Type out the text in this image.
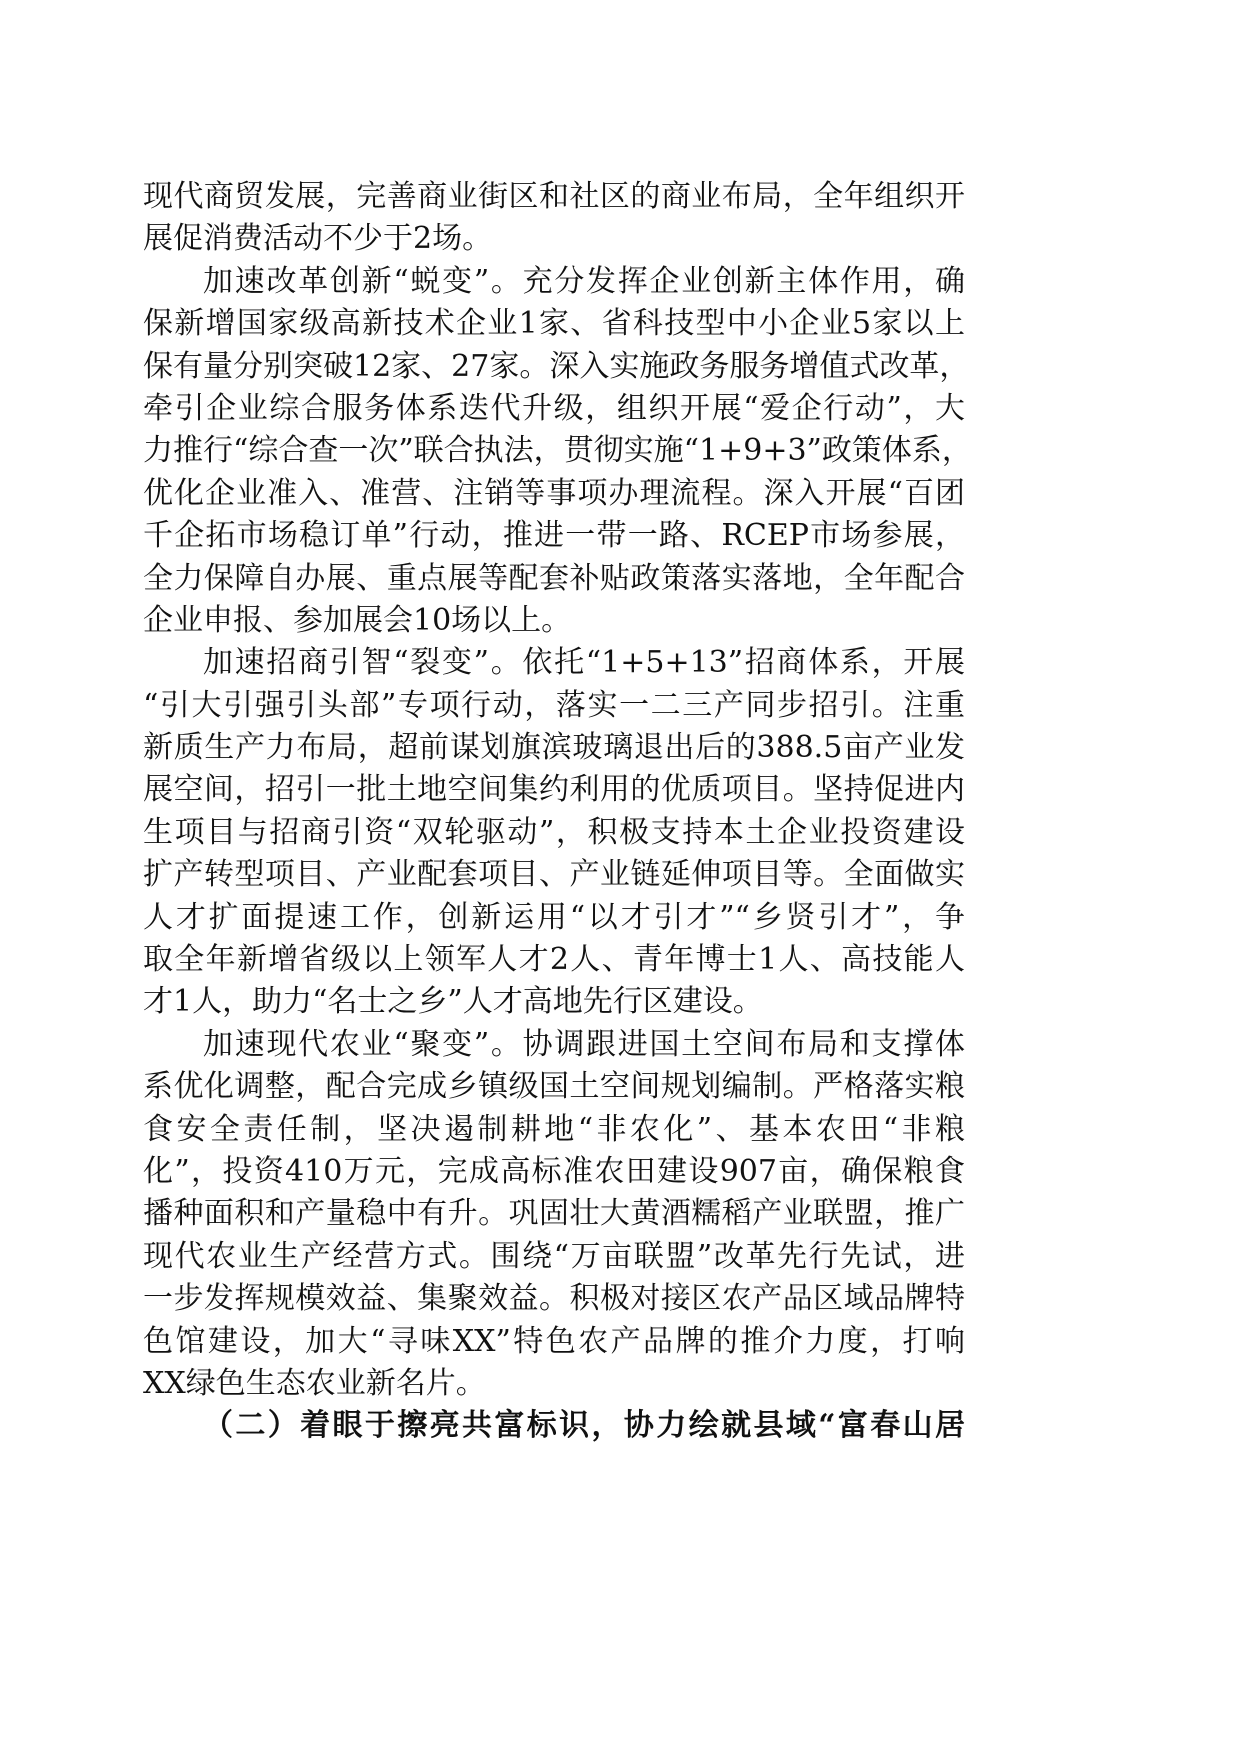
现代商贸发展，完善商业街区和社区的商业布局，全年组织开
展促消费活动不少于2场。
加速改革创新“蜕变”。充分发挥企业创新主体作用，确
保新增国家级高新技术企业1家、省科技型中小企业5家以上
保有量分别突破12家、27家。深入实施政务服务增值式改革，
牵引企业综合服务体系迭代升级，组织开展“爱企行动”，大
力推行“综合查一次”联合执法，贯彻实施“1+9+3”政策体系，
优化企业准入、准营、注销等事项办理流程。深入开展“百团
千企拓市场稳订单”行动，推进一带一路、RCEP市场参展，
全力保障自办展、重点展等配套补贴政策落实落地，全年配合
企业申报、参加展会10场以上。
加速招商引智“裂变”。依托“1+5+13”招商体系，开展
“引大引强引头部”专项行动，落实一二三产同步招引。注重
新质生产力布局，超前谋划旗滨玻璃退出后的388.5亩产业发
展空间，招引一批土地空间集约利用的优质项目。坚持促进内
生项目与招商引资“双轮驱动”，积极支持本土企业投资建设
扩产转型项目、产业配套项目、产业链延伸项目等。全面做实
人才扩面提速工作，创新运用“以才引才”“乡贤引才”，争
取全年新增省级以上领军人才2人、青年博士1人、高技能人
才1人，助力“名士之乡”人才高地先行区建设。
加速现代农业“聚变”。协调跟进国土空间布局和支撑体
系优化调整，配合完成乡镇级国土空间规划编制。严格落实粮
食安全责任制，坚决遏制耕地“非农化”、基本农田“非粮
化”，投资410万元，完成高标准农田建设907亩，确保粮食
播种面积和产量稳中有升。巩固壮大黄酒糯稻产业联盟，推广
现代农业生产经营方式。围绕“万亩联盟”改革先行先试，进
一步发挥规模效益、集聚效益。积极对接区农产品区域品牌特
色馆建设，加大“寻味XX”特色农产品牌的推介力度，打响
XX绿色生态农业新名片。
（二）着眼于擦亮共富标识，协力绘就县域“富春山居
